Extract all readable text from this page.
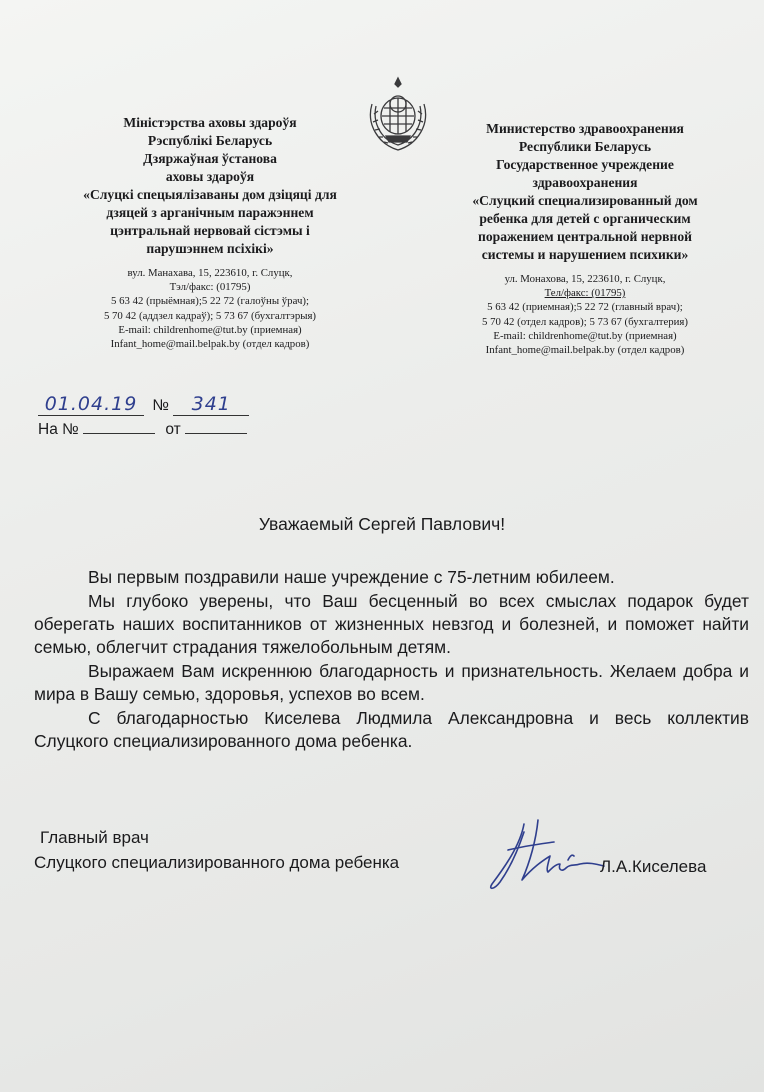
Міністэрства аховы здароўя
Рэспублікі Беларусь
Дзяржаўная ўстанова
аховы здароўя
«Слуцкі спецыялізаваны дом дзіцяці для
дзяцей з арганічным паражэннем
цэнтральнай нервовай сістэмы і
парушэннем псіхікі»
вул. Манахава, 15, 223610, г. Слуцк,
Тэл/факс: (01795)
5 63 42 (прыёмная);5 22 72 (галоўны ўрач);
5 70 42 (аддзел кадраў); 5 73 67 (бухгалтэрыя)
E-mail: childrenhome@tut.by (приемная)
Infant_home@mail.belpak.by (отдел кадров)
Министерство здравоохранения
Республики Беларусь
Государственное учреждение
здравоохранения
«Слуцкий специализированный дом
ребенка для детей с органическим
поражением центральной нервной
системы и нарушением психики»
ул. Монахова, 15, 223610, г. Слуцк,
Тел/факс: (01795)
5 63 42 (приемная);5 22 72 (главный врач);
5 70 42 (отдел кадров); 5 73 67 (бухгалтерия)
E-mail: childrenhome@tut.by (приемная)
Infant_home@mail.belpak.by (отдел кадров)
01.04.19 № 341
На №	от
Уважаемый Сергей Павлович!

Вы первым поздравили наше учреждение с 75-летним юбилеем.

Мы глубоко уверены, что Ваш бесценный во всех смыслах подарок будет оберегать наших воспитанников от жизненных невзгод и болезней, и поможет найти семью, облегчит страдания тяжелобольным детям.

Выражаем Вам искреннюю благодарность и признательность. Желаем добра и мира в Вашу семью, здоровья, успехов во всем.

С благодарностью Киселева Людмила Александровна и весь коллектив Слуцкого специализированного дома ребенка.

Главный врач
Слуцкого специализированного дома ребенка	Л.А.Киселева
